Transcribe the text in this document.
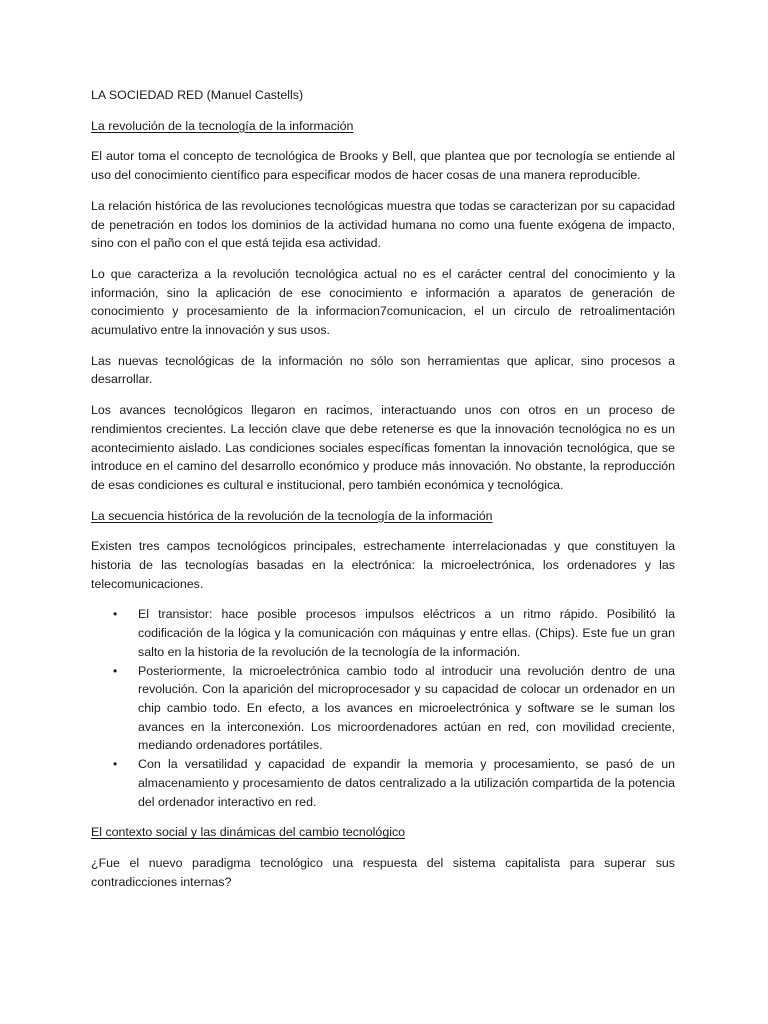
LA SOCIEDAD RED (Manuel Castells)

La revolución de la tecnología de la información

El autor toma el concepto de tecnológica de Brooks y Bell, que plantea que por tecnología se entiende al uso del conocimiento científico para especificar modos de hacer cosas de una manera reproducible.

La relación histórica de las revoluciones tecnológicas muestra que todas se caracterizan por su capacidad de penetración en todos los dominios de la actividad humana no como una fuente exógena de impacto, sino con el paño con el que está tejida esa actividad.

Lo que caracteriza a la revolución tecnológica actual no es el carácter central del conocimiento y la información, sino la aplicación de ese conocimiento e información a aparatos de generación de conocimiento y procesamiento de la informacion7comunicacion, el un circulo de retroalimentación acumulativo entre la innovación y sus usos.

Las nuevas tecnológicas de la información no sólo son herramientas que aplicar, sino procesos a desarrollar.

Los avances tecnológicos llegaron en racimos, interactuando unos con otros en un proceso de rendimientos crecientes. La lección clave que debe retenerse es que la innovación tecnológica no es un acontecimiento aislado. Las condiciones sociales específicas fomentan la innovación tecnológica, que se introduce en el camino del desarrollo económico y produce más innovación. No obstante, la reproducción de esas condiciones es cultural e institucional, pero también económica y tecnológica.

La secuencia histórica de la revolución de la tecnología de la información

Existen tres campos tecnológicos principales, estrechamente interrelacionadas y que constituyen la historia de las tecnologías basadas en la electrónica: la microelectrónica, los ordenadores y las telecomunicaciones.

• El transistor: hace posible procesos impulsos eléctricos a un ritmo rápido. Posibilitó la codificación de la lógica y la comunicación con máquinas y entre ellas. (Chips). Este fue un gran salto en la historia de la revolución de la tecnología de la información.
• Posteriormente, la microelectrónica cambio todo al introducir una revolución dentro de una revolución. Con la aparición del microprocesador y su capacidad de colocar un ordenador en un chip cambio todo. En efecto, a los avances en microelectrónica y software se le suman los avances en la interconexión. Los microordenadores actúan en red, con movilidad creciente, mediando ordenadores portátiles.
• Con la versatilidad y capacidad de expandir la memoria y procesamiento, se pasó de un almacenamiento y procesamiento de datos centralizado a la utilización compartida de la potencia del ordenador interactivo en red.

El contexto social y las dinámicas del cambio tecnológico

¿Fue el nuevo paradigma tecnológico una respuesta del sistema capitalista para superar sus contradicciones internas?
